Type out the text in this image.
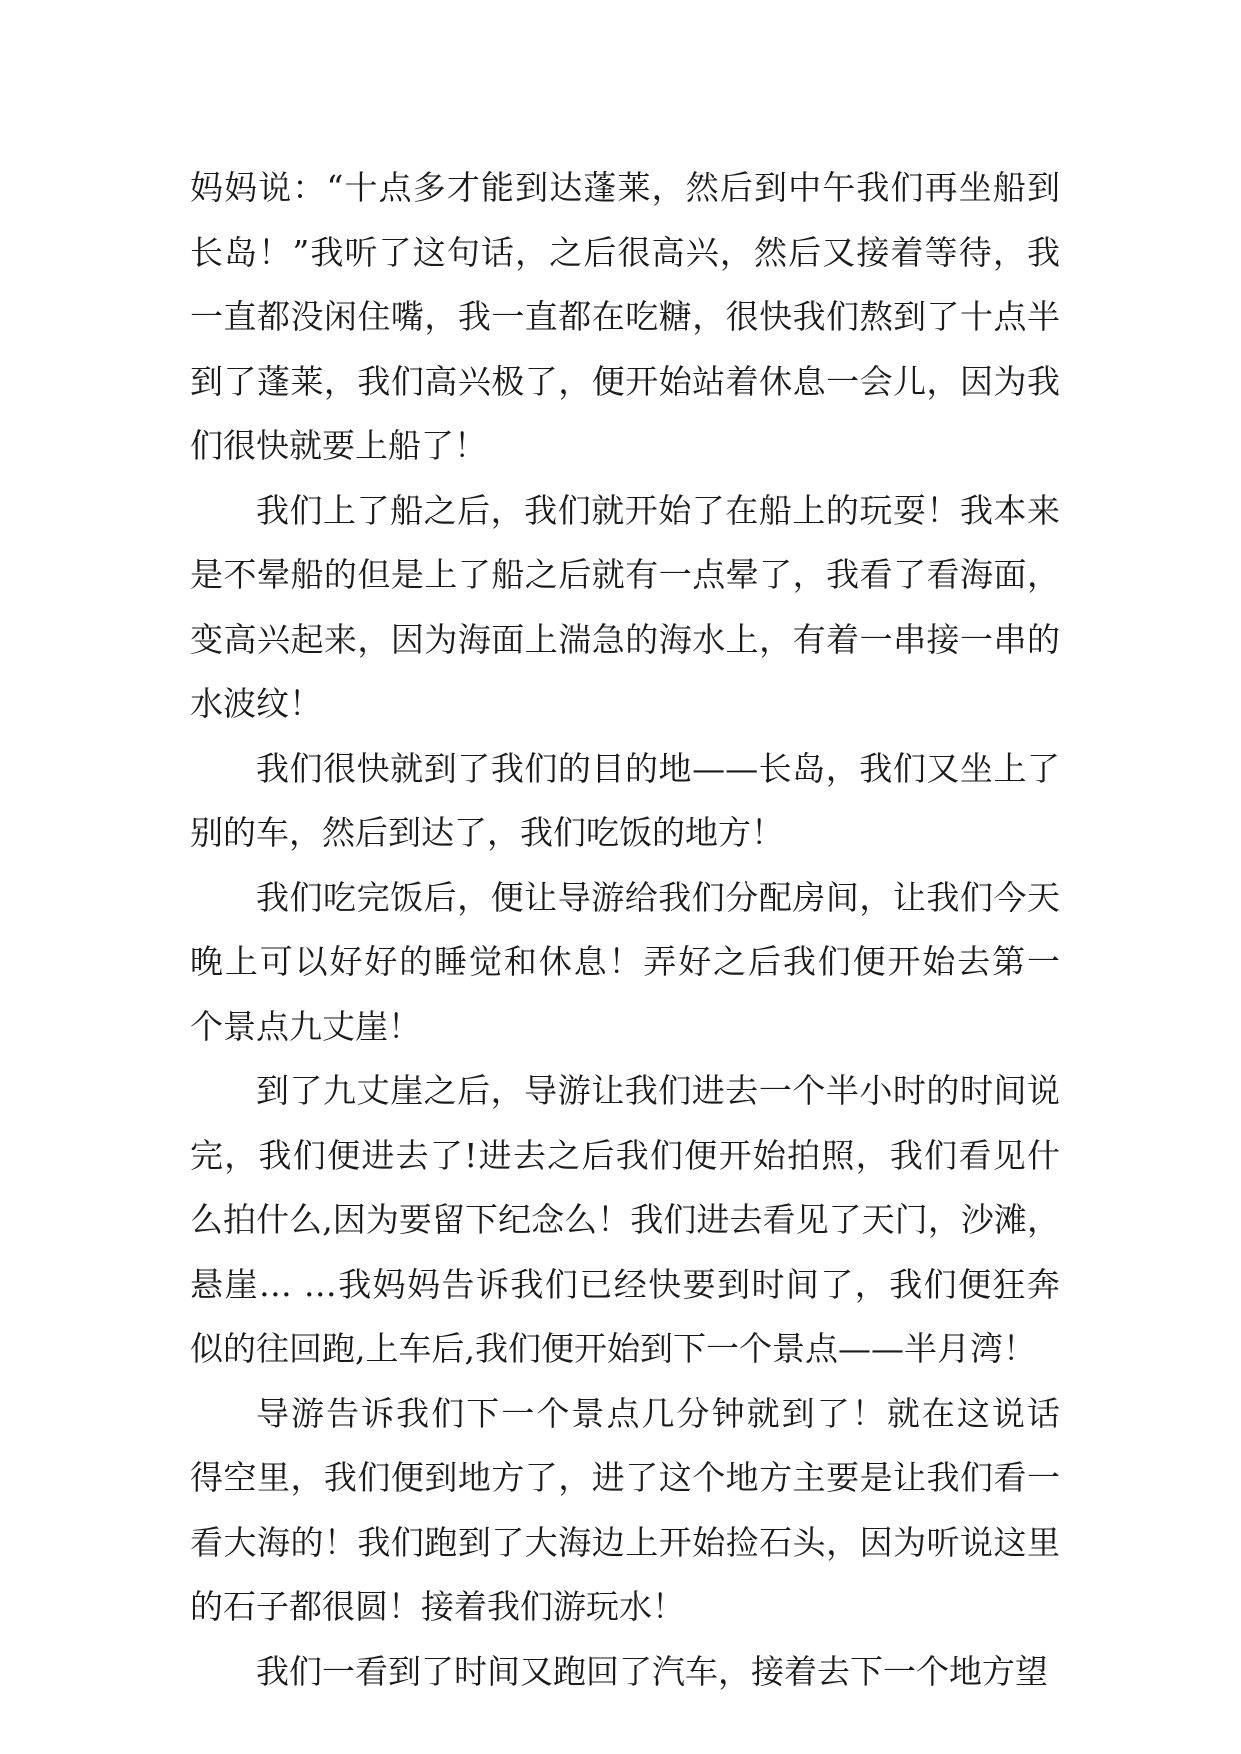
妈妈说：“十点多才能到达蓬莱，然后到中午我们再坐船到
长岛！”我听了这句话，之后很高兴，然后又接着等待，我
一直都没闲住嘴，我一直都在吃糖，很快我们熬到了十点半
到了蓬莱，我们高兴极了，便开始站着休息一会儿，因为我
们很快就要上船了！
我们上了船之后，我们就开始了在船上的玩耍！我本来
是不晕船的但是上了船之后就有一点晕了，我看了看海面，
变高兴起来，因为海面上湍急的海水上，有着一串接一串的
水波纹！
我们很快就到了我们的目的地——长岛，我们又坐上了
别的车，然后到达了，我们吃饭的地方！
我们吃完饭后，便让导游给我们分配房间，让我们今天
晚上可以好好的睡觉和休息！弄好之后我们便开始去第一
个景点九丈崖！
到了九丈崖之后，导游让我们进去一个半小时的时间说
完，我们便进去了!进去之后我们便开始拍照，我们看见什
么拍什么,因为要留下纪念么！我们进去看见了天门，沙滩，
悬崖… …我妈妈告诉我们已经快要到时间了，我们便狂奔
似的往回跑,上车后,我们便开始到下一个景点——半月湾！
导游告诉我们下一个景点几分钟就到了！就在这说话
得空里，我们便到地方了，进了这个地方主要是让我们看一
看大海的！我们跑到了大海边上开始捡石头，因为听说这里
的石子都很圆！接着我们游玩水！
我们一看到了时间又跑回了汽车，接着去下一个地方望
